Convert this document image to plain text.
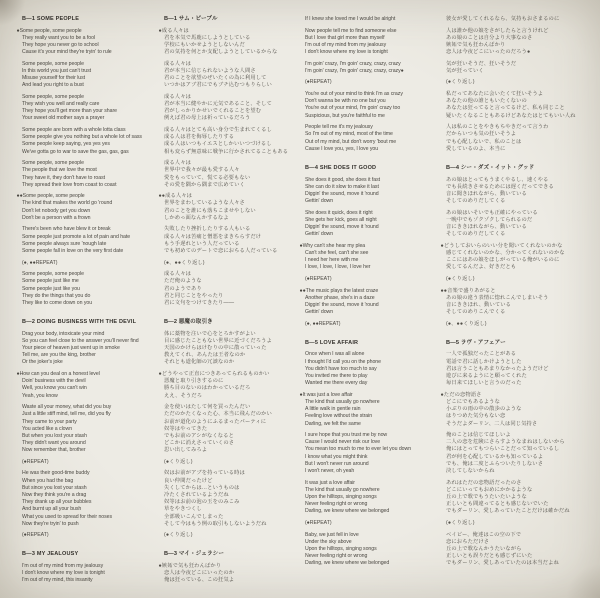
B—1 SOME PEOPLE
●Some people, some people
They really want you to be a fool
They hope you never go to school
Cause it's your mind they're tryin' to rule
Some people, some people
In this world you just can't trust
Misuse yourself for their lust
And lead you right to a bust
Some people, some people
They wish you well and really care
They hope you'll get more than your share
Your sweet old mother says a prayer
Some people are born with a whole lotta class
Some people give you nothing but a whole lot of sass
Some people keep saying, yes yes yes
We've gotta go to war to save the gas, gas, gas
Some people, some people
The people that we love the most
They have it, they don't have to roast
They spread their love from coast to coast
●●Some people, some people
The kind that makes the world go 'round
Don't let nobody get you down
Don't be a person with a frown
There's been who have blew it or break
Some people just promote a lot of pain and hate
Some people always sure 'nough late
Some people fall in love on the very first date
(●, ●●REPEAT)
Some people, some people
Some people just like me
Some people just like you
They do the things that you do
They like to come down on you
B—2 DOING BUSINESS WITH THE DEVIL
Drag your body, intoxicate your mind
So you can feel close to the answer you'll never find
Your piece of heaven just went up in smoke
Tell me, are you the king, brother
Or the joker's joke
●How can you deal on a honest level
Doin' business with the devil
Well, you know you can't win
Yeah, you know
Waste all your money, what did you buy
Just a little stiff mind, tell me, did you fly
They came to your party
You acted like a clown
But when you lost your stash
They didn't want you around
Now remember that, brother
(●REPEAT)
He was their good-time buddy
When you had the bag
But since you lost your stash
Now they think you're a drag
They drank up all your bubbles
And burnt up all your bush
What you used to spread for their noses
Now they're tryin' to push
(●REPEAT)
B—3 MY JEALOUSY
I'm out of my mind from my jealousy
I don't know where my love is tonight
I'm out of my mind, this insanity
B—1 サム・ピープル
●成る人々は
君を本気で馬鹿にしようとしている
学校にもいかせようとしないんだ
君の気持を何とか支配しようとしているからな
成る人々は
君が本当に信じられないような人間さ
君のことを欲望のぜいたくの為に利用して
いつかはアブ君にでもブチ込むつもりらしい
成る人々は
君が本当に健やかに元気であること、そして
君がしっかりかせいでくれることを望む
例えば君の母上は祈っているだろう
成る人々はとても高い身分で生まれてくるし
成る人は君を侮辱したりする
成る人はいつもイエスとしかいいつづけるし
相も変らず無意味に戦争に行かされてることもある
成る人々は
世界中で我々が最も愛する人々
愛をもっていて、慌てる必要もない
その愛を隅から隅まで広めていく
●●成る人々は
世界をまわしているような人々さ
君のことを誰にも落ちこませやしない
しかめっ面なんかするなよ
失敗したり挫折したりする人もいる
成る人々は苦痛と憎悪をまきちらすだけ
もう手遅れという人だっている
でも初めてのデートで恋におちる人だっている
(●、●●くり返し)
成る人々は
ただ俺のような
君のようであり
君と同じことをやったり
君に文句をつけてきたり——
B—2 悪魔の取引き
体に薬物を注いで心をとろかすがよい
目に感じたこともない世界に近づくだろうよ
天国のかけらはけむりの中に散っていった
教えてくれ、あんたは王者なのか
それとも道化師の冗談なのか
●どうやって正直につきあってられるものかい
悪魔と取り引きするのに
勝ち目のないのはわかっているだろ
ええ、そうだろ
金を使いはたして何を買ったんだい
ただのかたくなった心、本当に飛んだのかい
お前が道化のようにふるまったパーティに
奴等はやってきた
でもお前のアシがなくなると
どこかに消えさっていくのさ
思い出してみろよ
(●くり返し)
奴はお前がアブを持っている時は
良い仲間だったけど
失くしてからは…というものは
冷たくされているようだね
奴等はお前の泡の玉をのみこみ
草をやきつくし
全部吸いこんでしまった
そして今はもう例の取引もしないようだね
(●くり返し)
B—3 マイ・ジェラシー
●嫉妬で気も狂わんばかり
恋人は今夜どこにいったのか
俺は狂っている、この狂気よ
If I knew she loved me I would be alright
Now people tell me to find someone else
But I love that girl more than myself
I'm out of my mind from my jealousy
I don't know where my love is tonight
I'm goin' crazy, I'm goin' crazy, crazy, crazy
I'm goin' crazy, I'm goin' crazy, crazy, crazy●
(●REPEAT)
You're out of your mind to think I'm as crazy
Don't wanna be with no one but you
You're out of your mind, I'm goin' crazy too
Suspicious, but you're faithful to me
People tell me it's my jealousy
So I'm out of my mind, most of the time
Out of my mind, but don't worry 'bout me
Cause I love you, yes, I love you
B—4 SHE DOES IT GOOD
She does it good, she does it fast
She can do it slow to make it last
Diggin' the sound, move it 'round
Gettin' down
She does it quick, does it right
She gets her kick, goes all night
Diggin' the sound, move it 'round
Gettin' down
●Why can't she hear my plea
Can't she feel, can't she see
I need her here with me
I love, I love, I love, I love her
(●REPEAT)
●●The music plays the latest craze
Another phase, she's in a daze
Diggin' the sound, move it 'round
Gettin' down
(●, ●●REPEAT)
B—5 LOVE AFFAIR
Once when I was all alone
I thought I'd call you on the phone
You didn't have too much to say
You invited me there to play
Wanted me there every day
●It was just a love affair
The kind that usually go nowhere
A little walk in gentle rain
Feeling love without the strain
Darling, we felt the same
I sure hope that you trust me by now
Cause I would never risk our love
You mean too much to me to ever let you down
I know what you might think
But I won't never run around
I won't never, oh yeah
It was just a love affair
The kind that usually go nowhere
Upon the hilltops, singing songs
Never feeling right or wrong
Darling, we knew where we belonged
(●REPEAT)
Baby, we just fell in love
Under the sky above
Upon the hilltops, singing songs
Never feeling right or wrong
Darling, we knew where we belonged
彼女が愛してくれるなら、気持もおさまるのに
人は誰か他の娘をさがしたらと言うけれど
あの娘のことは自分より大事なのさ
嫉妬で気も狂わんばかり
恋人は今夜どこにいったのだろう●
気が狂いそうだ、狂いそうだ
気が狂っていく
(●くり返し)
私だってあなたに会いたくて狂いそうよ
あなたの他の誰ともいたくないの
あなたは狂ってると言ってるけど、私も同じこと
疑いたくなることもあるけどあなたはとてもいい人ね
人は私のことをやきもちやきだって言うわ
だからいつも気の狂いそうよ
でも心配しないで、私のことは
愛しているのよ、本当に
B—4 シー・ダズ・イット・グッド
あの娘はとってもうまくやるし、速くやる
でも長続きさせるためには遅くだってできる
音に聞きほれながら、動いている
そしてのめりだしてくる
あの娘はいそいでも正確にやっている
一晩中でもゾクゾクしてられるのだ
音にききほれながら、動いている
そしてのめりだしてくる
●どうしておいらのいい分を聞いてくれないのかな
感じてくれないのかな、分かってくれないのかな
ここにはあの娘をほしがっている俺がいるのに
愛してるんだよ、好きだとも
(●くり返し)
●●音楽で盛りあがると
あの娘の違う表情に惚れこんでしまいそう
音にききほれ、動いている
そしてのめりこんでくる
(●、●●くり返し)
B—5 ラヴ・アフェアー
一人で孤独だったことがある
電話で君に話しかけようとした
君は言うこともあまりなかったようだけど
遊びに来るようにと願ってくれた
毎日来てほしいと言うのだった
●ただの恋物語さ
どこにでもあるような
小ぶりの雨の中の散歩のような
はりつめた気分もない恋
そうだよダーリン、二人は同じ気持さ
俺のことは信じてほしいよ
二人の恋を危険にさらすようなまねはしないから
俺にはとってもつらいことだって知っているし
君が何を心配しているかも知っているよ
でも、俺は二度とふらついたりしないさ
決してしないからね
あれはただの恋物語だったのさ
どこにいってもおめにかかるような
丘の上で歌でもうたいたいような
正しいとも間違ってるとも感じないでいた
でもダーリン、愛しあっていたことだけは確かだね
(●くり返し)
ベイビー、俺達はこの空の下で
恋におちただけさ
丘の上で歌なんかうたいながら
正しいとも誤りだとも感じずにいた
でもダーリン、愛しあっていたのは本当だよね
